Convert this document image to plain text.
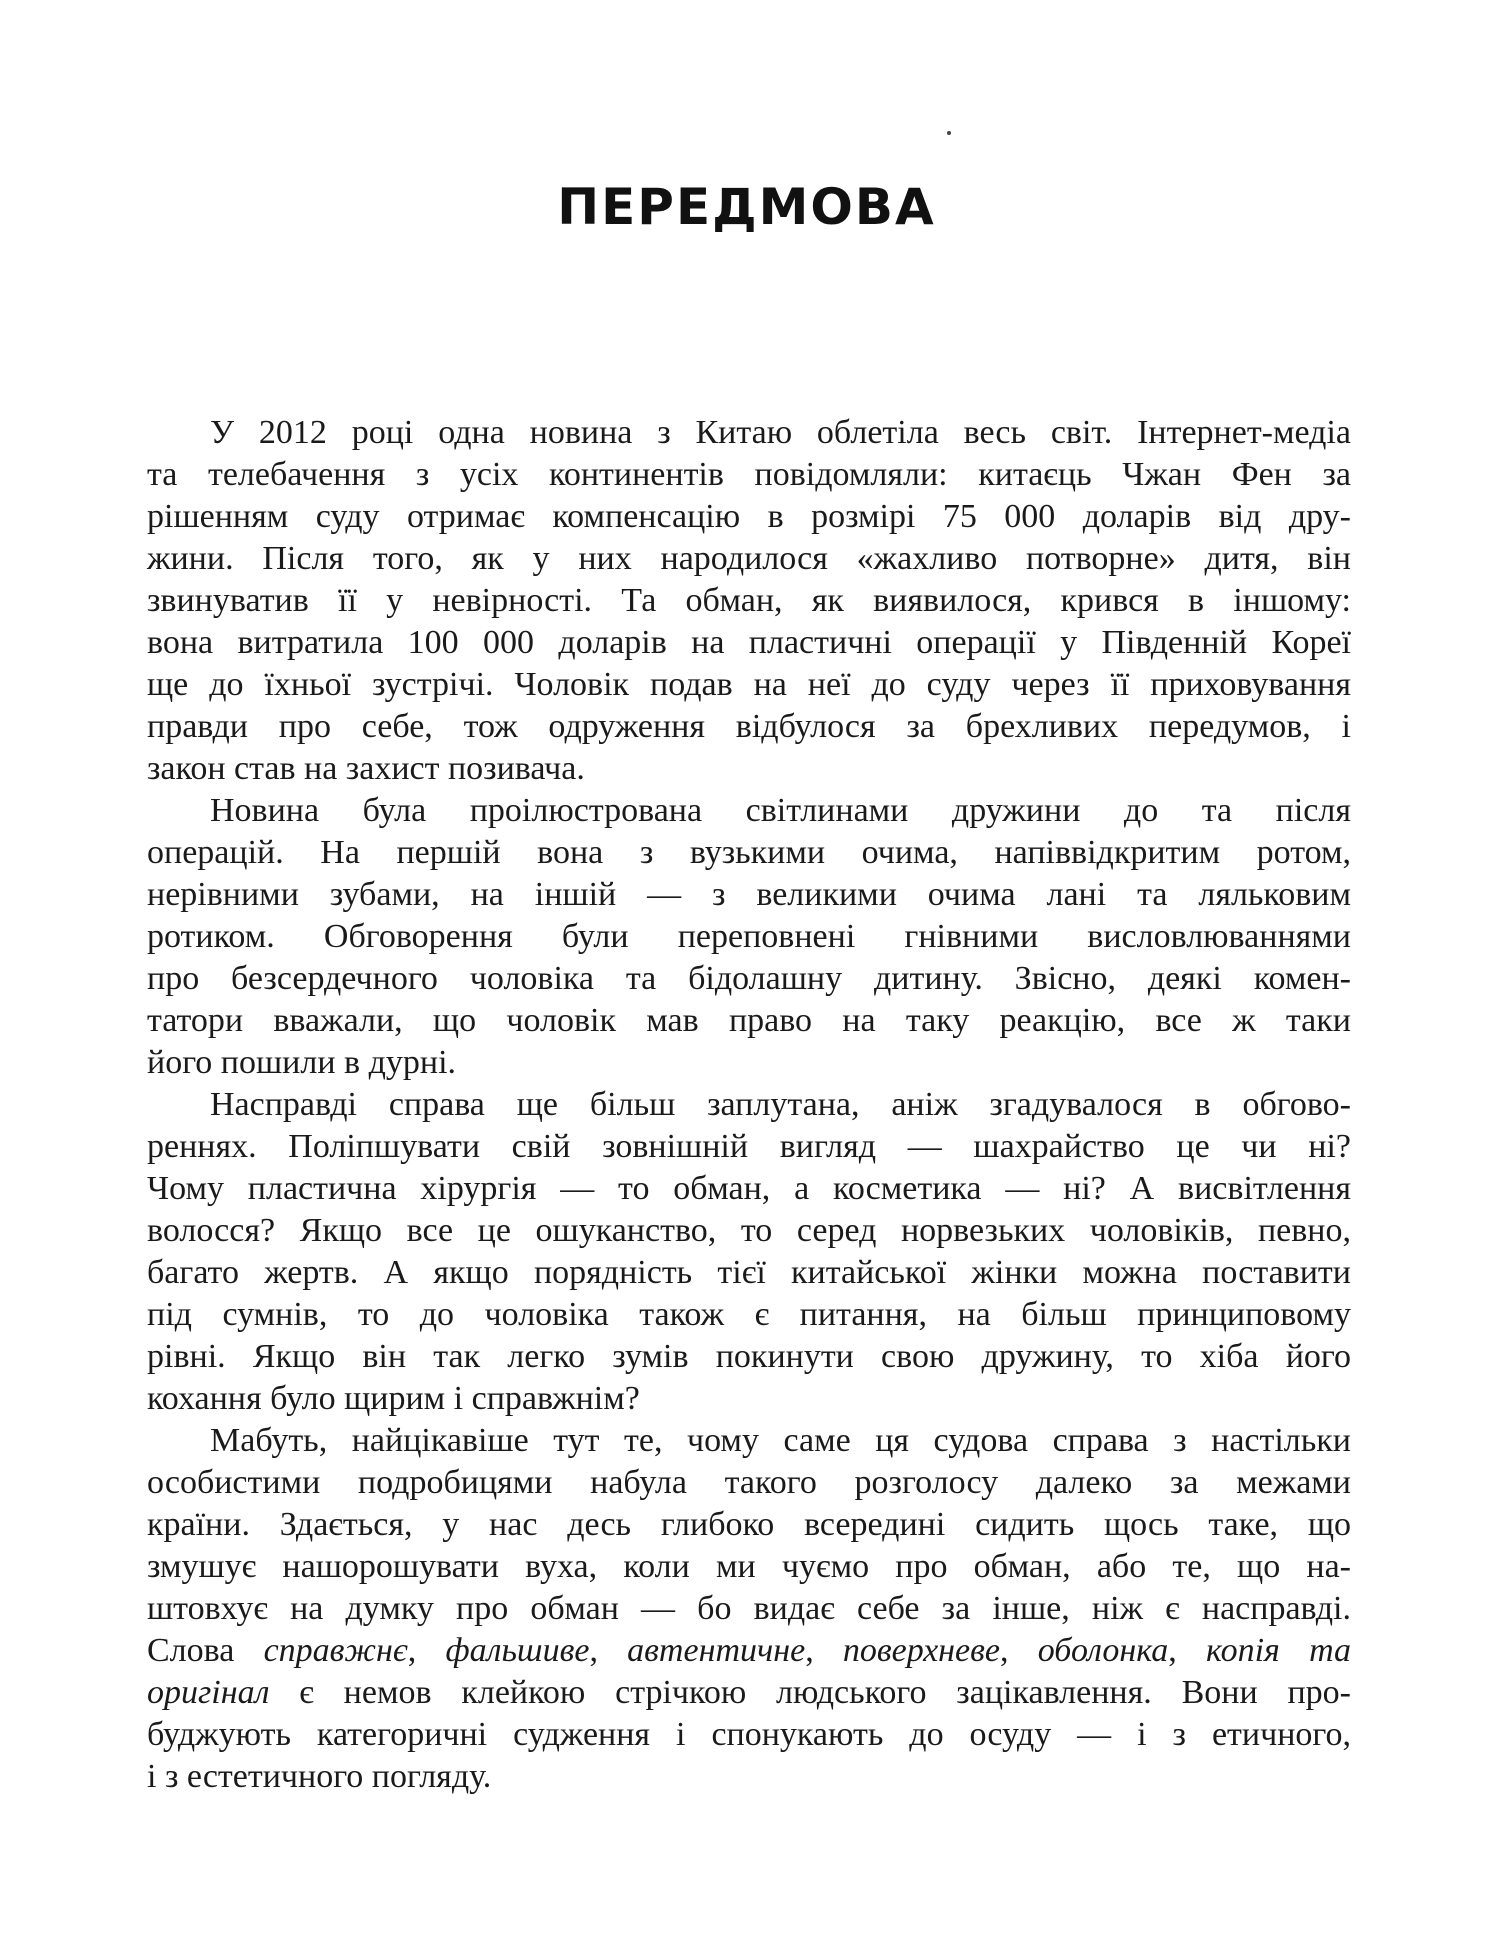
ПЕРЕДМОВА

У 2012 році одна новина з Китаю облетіла весь світ. Інтернет-медіа
та телебачення з усіх континентів повідомляли: китаєць Чжан Фен за
рішенням суду отримає компенсацію в розмірі 75 000 доларів від дру-
жини. Після того, як у них народилося «жахливо потворне» дитя, він
звинуватив її у невірності. Та обман, як виявилося, крився в іншому:
вона витратила 100 000 доларів на пластичні операції у Південній Кореї
ще до їхньої зустрічі. Чоловік подав на неї до суду через її приховування
правди про себе, тож одруження відбулося за брехливих передумов, і
закон став на захист позивача.

Новина була проілюстрована світлинами дружини до та після
операцій. На першій вона з вузькими очима, напіввідкритим ротом,
нерівними зубами, на іншій — з великими очима лані та ляльковим
ротиком. Обговорення були переповнені гнівними висловлюваннями
про безсердечного чоловіка та бідолашну дитину. Звісно, деякі комен-
татори вважали, що чоловік мав право на таку реакцію, все ж таки
його пошили в дурні.

Насправді справа ще більш заплутана, аніж згадувалося в обгово-
реннях. Поліпшувати свій зовнішній вигляд — шахрайство це чи ні?
Чому пластична хірургія — то обман, а косметика — ні? А висвітлення
волосся? Якщо все це ошуканство, то серед норвезьких чоловіків, певно,
багато жертв. А якщо порядність тієї китайської жінки можна поставити
під сумнів, то до чоловіка також є питання, на більш принциповому
рівні. Якщо він так легко зумів покинути свою дружину, то хіба його
кохання було щирим і справжнім?

Мабуть, найцікавіше тут те, чому саме ця судова справа з настільки
особистими подробицями набула такого розголосу далеко за межами
країни. Здається, у нас десь глибоко всередині сидить щось таке, що
змушує нашорошувати вуха, коли ми чуємо про обман, або те, що на-
штовхує на думку про обман — бо видає себе за інше, ніж є насправді.
Слова справжнє, фальшиве, автентичне, поверхневе, оболонка, копія та
оригінал є немов клейкою стрічкою людського зацікавлення. Вони про-
буджують категоричні судження і спонукають до осуду — і з етичного,
і з естетичного погляду.
